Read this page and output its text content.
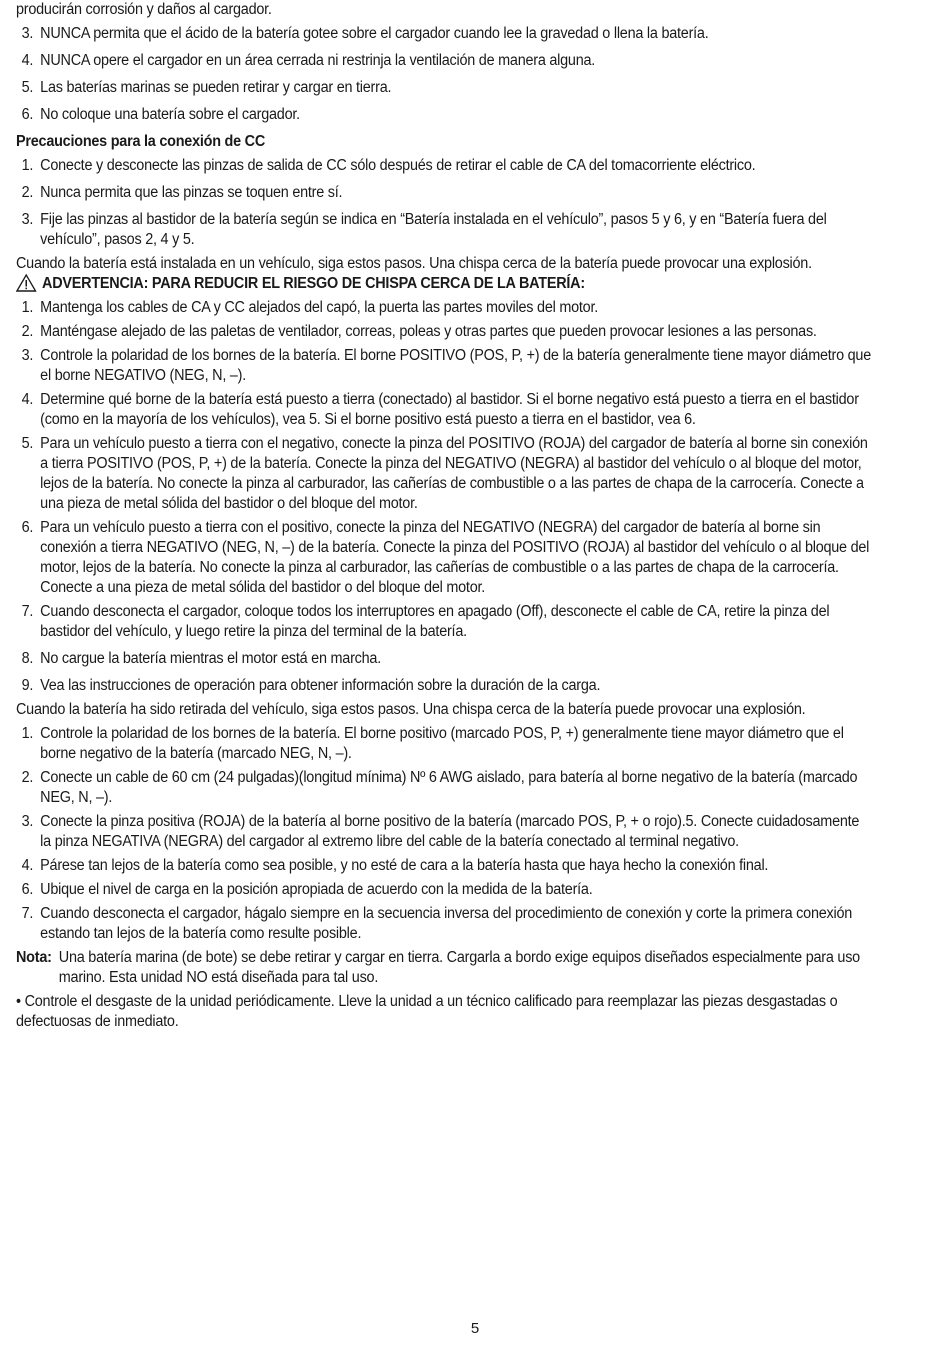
producirán corrosión y daños al cargador.

3. NUNCA permita que el ácido de la batería gotee sobre el cargador cuando lee la gravedad o llena la batería.
4. NUNCA opere el cargador en un área cerrada ni restrinja la ventilación de manera alguna.
5. Las baterías marinas se pueden retirar y cargar en tierra.
6. No coloque una batería sobre el cargador.

Precauciones para la conexión de CC

1. Conecte y desconecte las pinzas de salida de CC sólo después de retirar el cable de CA del tomacorriente eléctrico.
2. Nunca permita que las pinzas se toquen entre sí.
3. Fije las pinzas al bastidor de la batería según se indica en “Batería instalada en el vehículo”, pasos 5 y 6, y en “Batería fuera del vehículo”, pasos 2, 4 y 5.

Cuando la batería está instalada en un vehículo, siga estos pasos. Una chispa cerca de la batería puede provocar una explosión.

ADVERTENCIA: PARA REDUCIR EL RIESGO DE CHISPA CERCA DE LA BATERÍA:
1. Mantenga los cables de CA y CC alejados del capó, la puerta las partes moviles del motor.
2. Manténgase alejado de las paletas de ventilador, correas, poleas y otras partes que pueden provocar lesiones a las personas.
3. Controle la polaridad de los bornes de la batería. El borne POSITIVO (POS, P, +) de la batería generalmente tiene mayor diámetro que el borne NEGATIVO (NEG, N, –).
4. Determine qué borne de la batería está puesto a tierra (conectado) al bastidor. Si el borne negativo está puesto a tierra en el bastidor (como en la mayoría de los vehículos), vea 5. Si el borne positivo está puesto a tierra en el bastidor, vea 6.
5. Para un vehículo puesto a tierra con el negativo, conecte la pinza del POSITIVO (ROJA) del cargador de batería al borne sin conexión a tierra POSITIVO (POS, P, +) de la batería. Conecte la pinza del NEGATIVO (NEGRA) al bastidor del vehículo o al bloque del motor, lejos de la batería. No conecte la pinza al carburador, las cañerías de combustible o a las partes de chapa de la carrocería. Conecte a una pieza de metal sólida del bastidor o del bloque del motor.
6. Para un vehículo puesto a tierra con el positivo, conecte la pinza del NEGATIVO (NEGRA) del cargador de batería al borne sin conexión a tierra NEGATIVO (NEG, N, –) de la batería. Conecte la pinza del POSITIVO (ROJA) al bastidor del vehículo o al bloque del motor, lejos de la batería. No conecte la pinza al carburador, las cañerías de combustible o a las partes de chapa de la carrocería. Conecte a una pieza de metal sólida del bastidor o del bloque del motor.
7. Cuando desconecta el cargador, coloque todos los interruptores en apagado (Off), desconecte el cable de CA, retire la pinza del bastidor del vehículo, y luego retire la pinza del terminal de la batería.
8. No cargue la batería mientras el motor está en marcha.
9. Vea las instrucciones de operación para obtener información sobre la duración de la carga.

Cuando la batería ha sido retirada del vehículo, siga estos pasos. Una chispa cerca de la batería puede provocar una explosión.

1. Controle la polaridad de los bornes de la batería. El borne positivo (marcado POS, P, +) generalmente tiene mayor diámetro que el borne negativo de la batería (marcado NEG, N, –).
2. Conecte un cable de 60 cm (24 pulgadas)(longitud mínima) Nº 6 AWG aislado, para batería al borne negativo de la batería (marcado NEG, N, –).
3. Conecte la pinza positiva (ROJA) de la batería al borne positivo de la batería (marcado POS, P, + o rojo).5. Conecte cuidadosamente la pinza NEGATIVA (NEGRA) del cargador al extremo libre del cable de la batería conectado al terminal negativo.
4. Párese tan lejos de la batería como sea posible, y no esté de cara a la batería hasta que haya hecho la conexión final.
6. Ubique el nivel de carga en la posición apropiada de acuerdo con la medida de la batería.
7. Cuando desconecta el cargador, hágalo siempre en la secuencia inversa del procedimiento de conexión y corte la primera conexión estando tan lejos de la batería como resulte posible.
Nota: Una batería marina (de bote) se debe retirar y cargar en tierra. Cargarla a bordo exige equipos diseñados especialmente para uso marino. Esta unidad NO está diseñada para tal uso.

• Controle el desgaste de la unidad periódicamente. Lleve la unidad a un técnico calificado para reemplazar las piezas desgastadas o defectuosas de inmediato.

5
